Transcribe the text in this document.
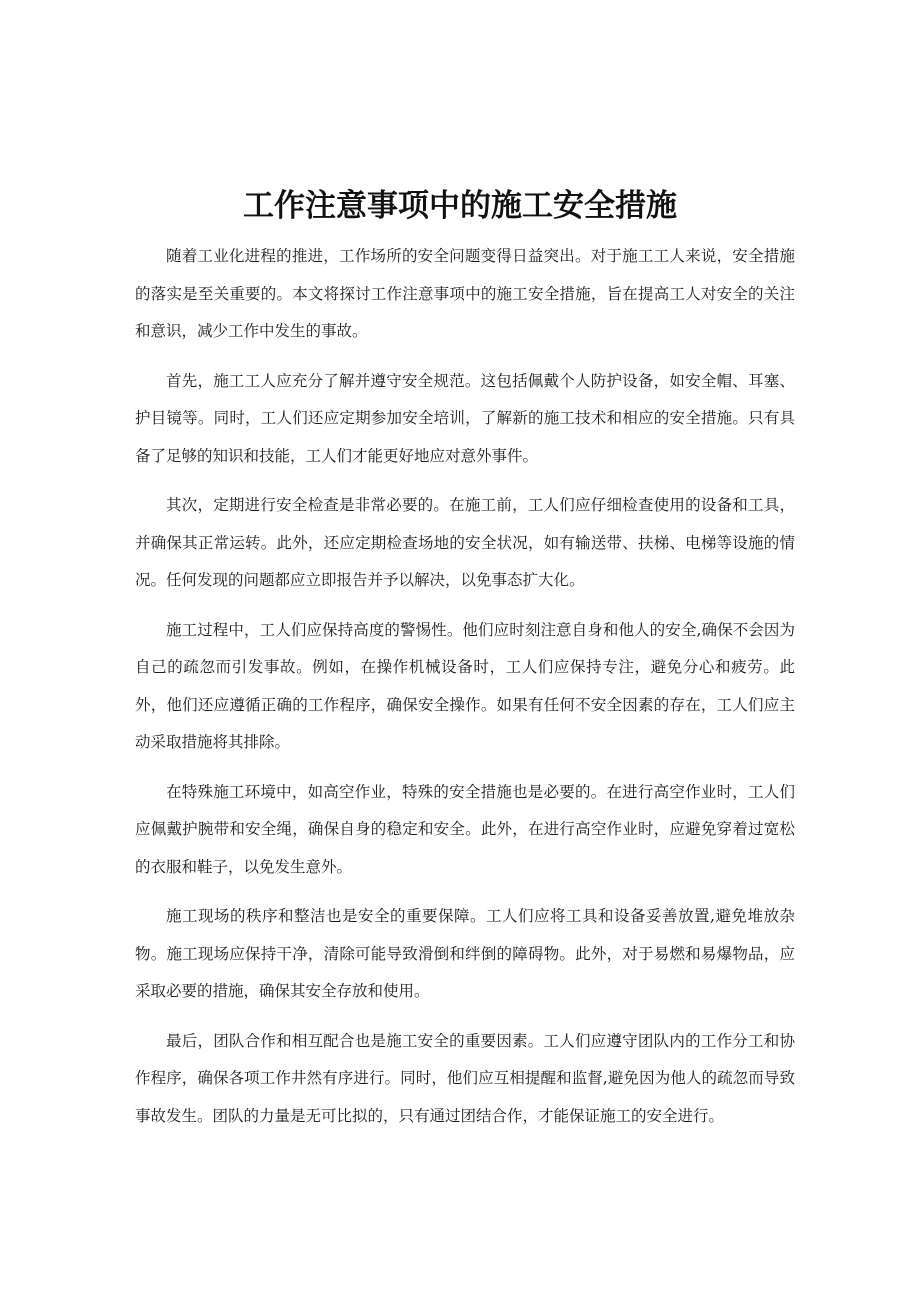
工作注意事项中的施工安全措施

随着工业化进程的推进，工作场所的安全问题变得日益突出。对于施工工人来说，安全措施的落实是至关重要的。本文将探讨工作注意事项中的施工安全措施，旨在提高工人对安全的关注和意识，减少工作中发生的事故。

首先，施工工人应充分了解并遵守安全规范。这包括佩戴个人防护设备，如安全帽、耳塞、护目镜等。同时，工人们还应定期参加安全培训，了解新的施工技术和相应的安全措施。只有具备了足够的知识和技能，工人们才能更好地应对意外事件。

其次，定期进行安全检查是非常必要的。在施工前，工人们应仔细检查使用的设备和工具，并确保其正常运转。此外，还应定期检查场地的安全状况，如有输送带、扶梯、电梯等设施的情况。任何发现的问题都应立即报告并予以解决，以免事态扩大化。

施工过程中，工人们应保持高度的警惕性。他们应时刻注意自身和他人的安全,确保不会因为自己的疏忽而引发事故。例如，在操作机械设备时，工人们应保持专注，避免分心和疲劳。此外，他们还应遵循正确的工作程序，确保安全操作。如果有任何不安全因素的存在，工人们应主动采取措施将其排除。

在特殊施工环境中，如高空作业，特殊的安全措施也是必要的。在进行高空作业时，工人们应佩戴护腕带和安全绳，确保自身的稳定和安全。此外，在进行高空作业时，应避免穿着过宽松的衣服和鞋子，以免发生意外。

施工现场的秩序和整洁也是安全的重要保障。工人们应将工具和设备妥善放置,避免堆放杂物。施工现场应保持干净，清除可能导致滑倒和绊倒的障碍物。此外，对于易燃和易爆物品，应采取必要的措施，确保其安全存放和使用。

最后，团队合作和相互配合也是施工安全的重要因素。工人们应遵守团队内的工作分工和协作程序，确保各项工作井然有序进行。同时，他们应互相提醒和监督,避免因为他人的疏忽而导致事故发生。团队的力量是无可比拟的，只有通过团结合作，才能保证施工的安全进行。
